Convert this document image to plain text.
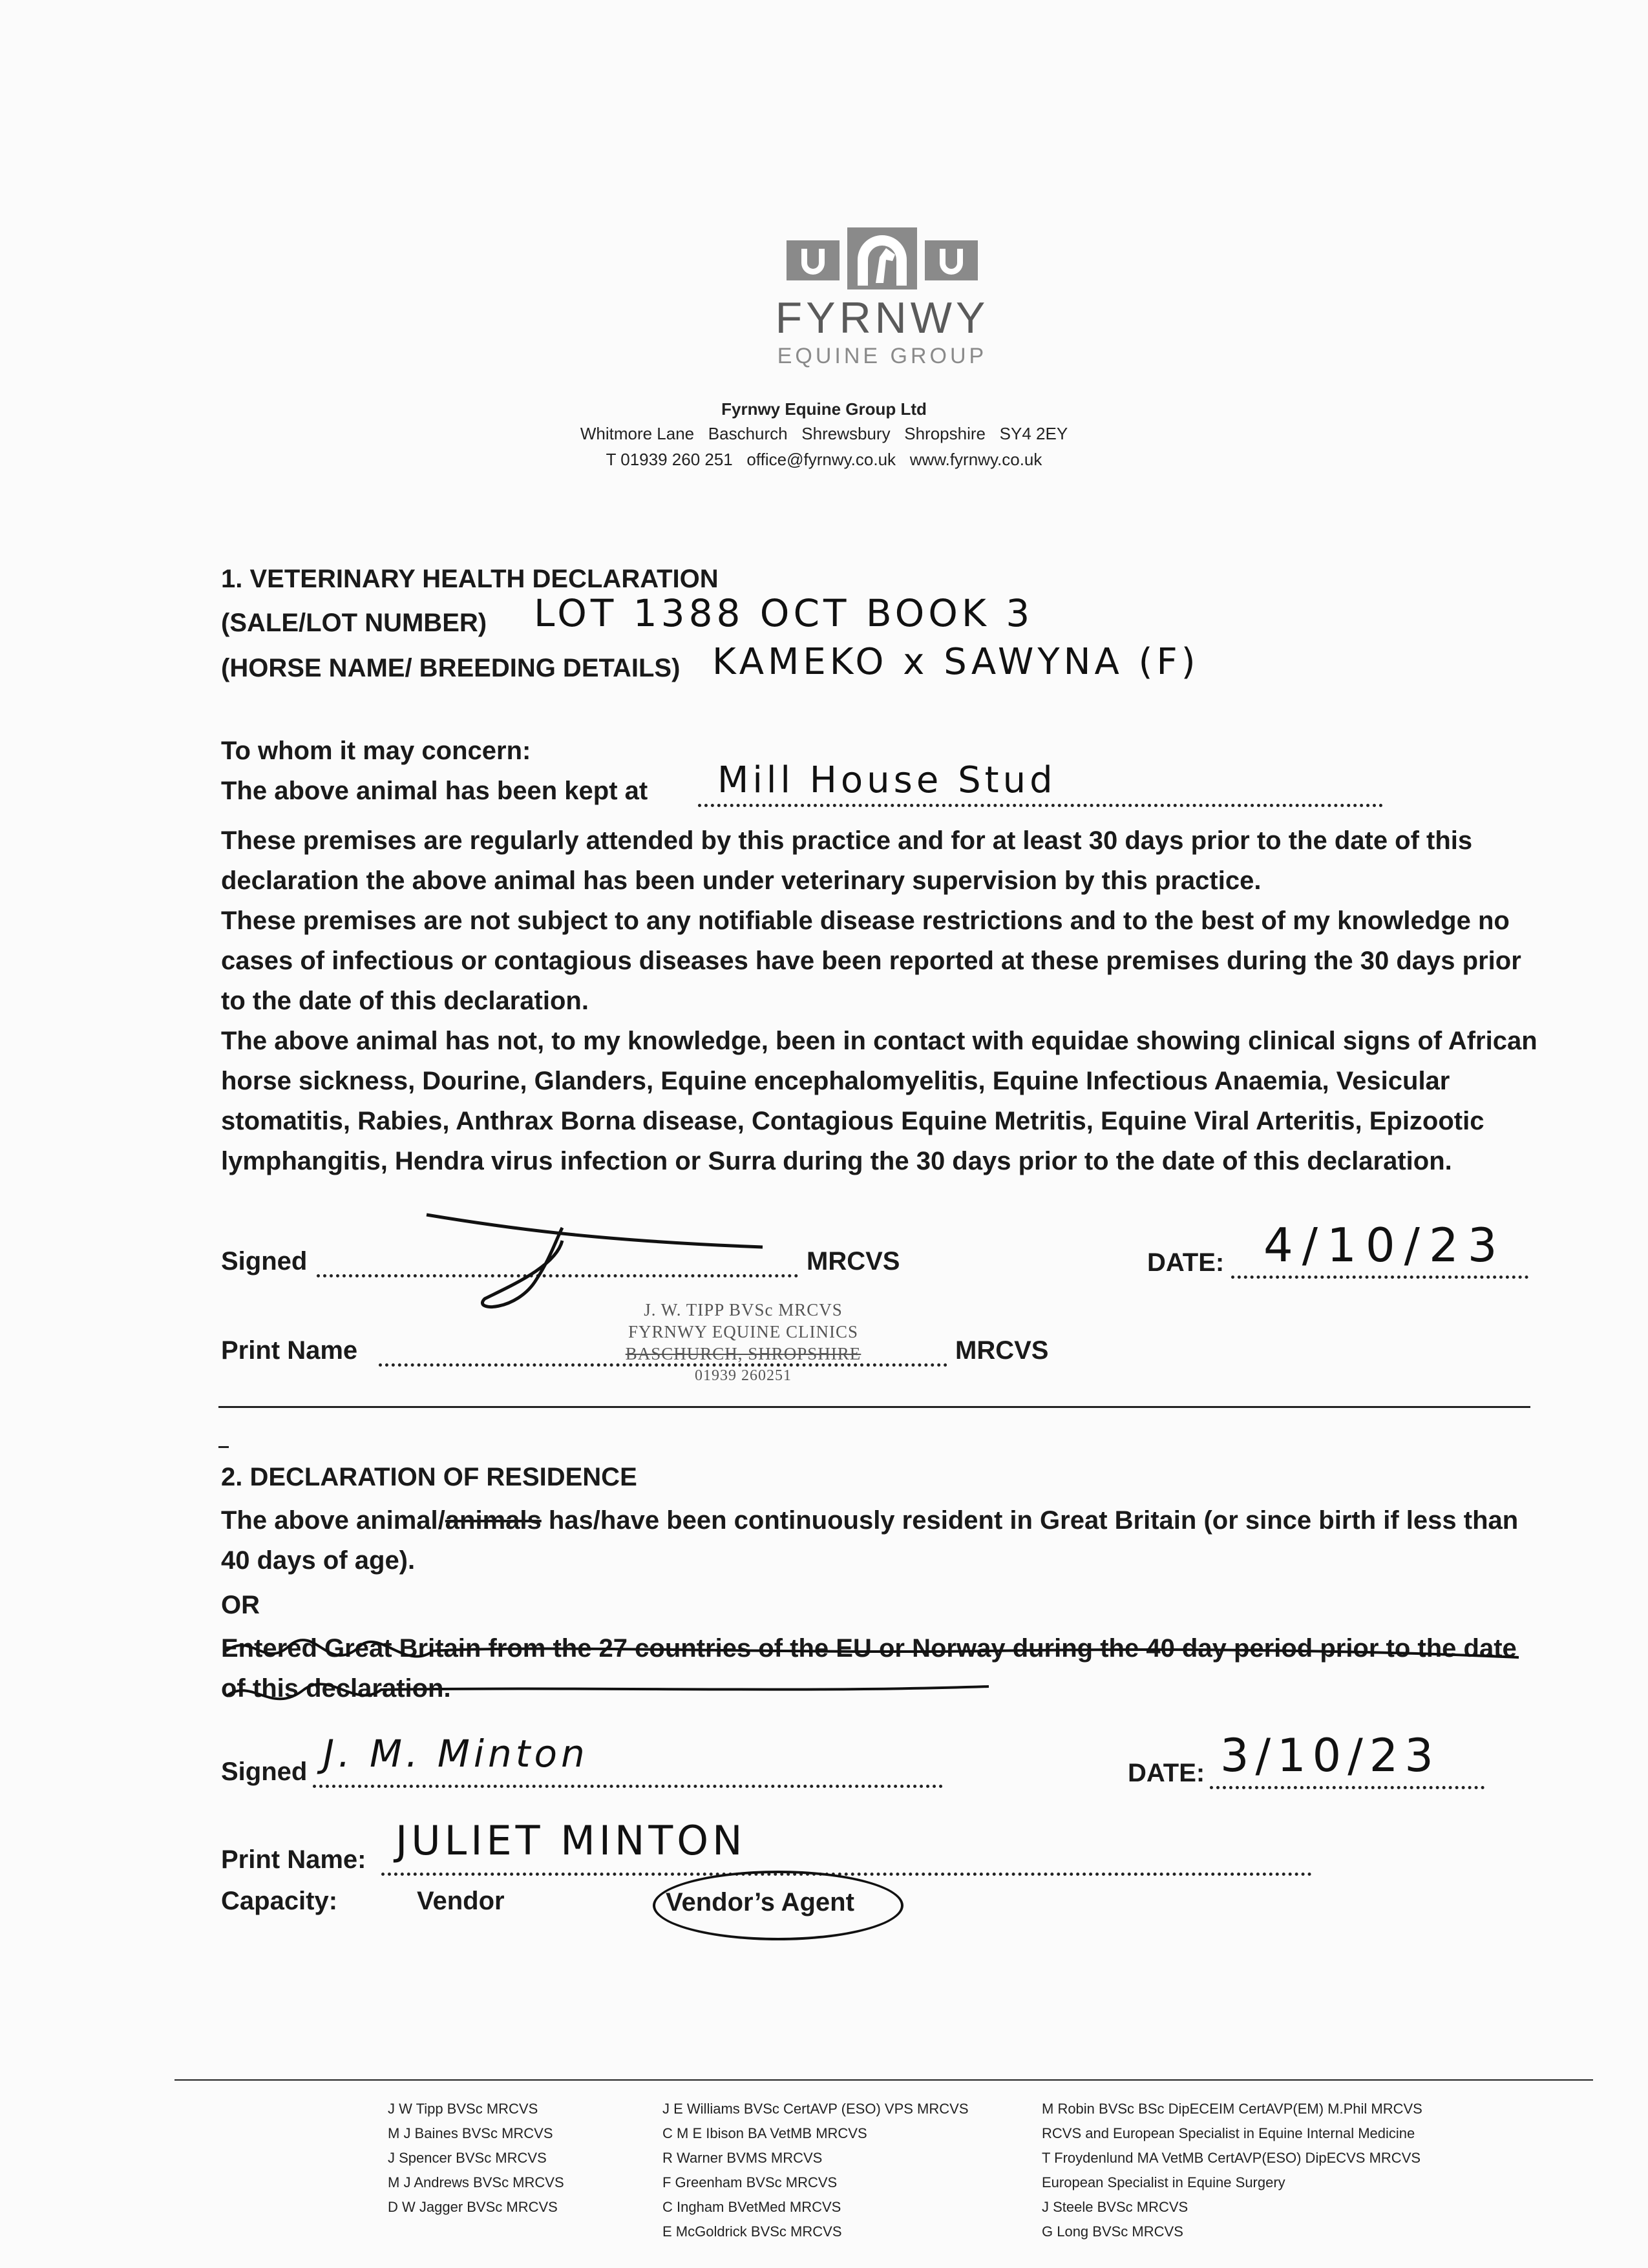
FYRNWY
EQUINE GROUP
Fyrnwy Equine Group Ltd
Whitmore Lane   Baschurch   Shrewsbury   Shropshire   SY4 2EY
T 01939 260 251   office@fyrnwy.co.uk   www.fyrnwy.co.uk
1. VETERINARY HEALTH DECLARATION
(SALE/LOT NUMBER) LOT 1388 OCT BOOK 3
(HORSE NAME/ BREEDING DETAILS) KAMEKO x SAWYNA (F)
To whom it may concern:
The above animal has been kept at Mill House Stud
These premises are regularly attended by this practice and for at least 30 days prior to the date of this declaration the above animal has been under veterinary supervision by this practice.
These premises are not subject to any notifiable disease restrictions and to the best of my knowledge no cases of infectious or contagious diseases have been reported at these premises during the 30 days prior to the date of this declaration.
The above animal has not, to my knowledge, been in contact with equidae showing clinical signs of African horse sickness, Dourine, Glanders, Equine encephalomyelitis, Equine Infectious Anaemia, Vesicular stomatitis, Rabies, Anthrax Borna disease, Contagious Equine Metritis, Equine Viral Arteritis, Epizootic lymphangitis, Hendra virus infection or Surra during the 30 days prior to the date of this declaration.
Signed	MRCVS	DATE: 4/10/23
Print Name	MRCVS
J. W. TIPP BVSc MRCVS
FYRNWY EQUINE CLINICS
BASCHURCH, SHROPSHIRE
01939 260251
2. DECLARATION OF RESIDENCE
The above animal/animals has/have been continuously resident in Great Britain (or since birth if less than 40 days of age).
OR
Entered Great Britain from the 27 countries of the EU or Norway during the 40 day period prior to the date of this declaration.
Signed J. M. Minton	DATE: 3/10/23
Print Name: JULIET MINTON
Capacity:	Vendor	Vendor’s Agent
J W Tipp BVSc MRCVS
M J Baines BVSc MRCVS
J Spencer BVSc MRCVS
M J Andrews BVSc MRCVS
D W Jagger BVSc MRCVS
J E Williams BVSc CertAVP (ESO) VPS MRCVS
C M E Ibison BA VetMB MRCVS
R Warner BVMS MRCVS
F Greenham BVSc MRCVS
C Ingham BVetMed MRCVS
E McGoldrick BVSc MRCVS
M Robin BVSc BSc DipECEIM CertAVP(EM) M.Phil MRCVS
RCVS and European Specialist in Equine Internal Medicine
T Froydenlund MA VetMB CertAVP(ESO) DipECVS MRCVS
European Specialist in Equine Surgery
J Steele BVSc MRCVS
G Long BVSc MRCVS
